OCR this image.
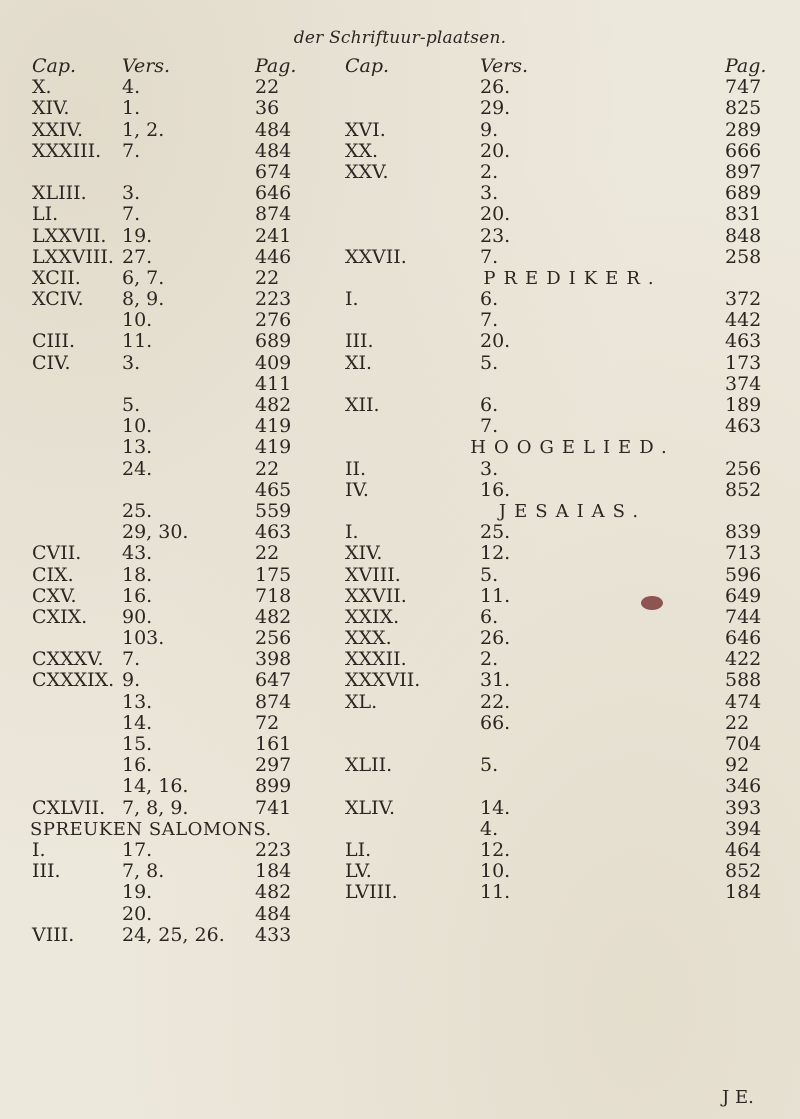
der Schriftuur-plaatsen.
Cap. Vers.	Pag.
X.	4.	22
XIV.	1.	36
XXIV. 1, 2.	484
XXXIII. 7.	484
674
XLIII. 3.	646
LI.	7.	874
LXXVII. 19.	241
LXXVIII. 27.	446
XCII. 6, 7.	22
XCIV. 8, 9.	223
10.	276
CIII. 11.	689
CIV.	3.	409
411
5.	482
10.	419
13.	419
24.	22
465
25.	559
29, 30.	463
CVII. 43.	22
CIX.	18.	175
CXV. 16.	718
CXIX. 90.	482
103.	256
CXXXV. 7.	398
CXXXIX. 9.	647
13.	874
14.	72
15.	161
16.	297
14, 16.	899
CXLVII. 7, 8, 9.	741
SPREUKEN SALOMONS.
I.	17.	223
III.	7, 8.	184
19.	482
20.	484
VIII.	24, 25, 26. 433
Cap.	Vers.	Pag.
26.	747
29.	825
XVI.	9.	289
XX.	20.	666
XXV.	2.	897
3.	689
20.	831
23.	848
XXVII.	7.	258
PREDIKER.
I.	6.	372
7.	442
III.	20.	463
XI.	5.	173
374
XII.	6.	189
7.	463
HOOGELIED.
II.	3.	256
IV.	16.	852
JESAIAS.
I.	25.	839
XIV.	12.	713
XVIII.	5.	596
XXVII.	11.	649
XXIX.	6.	744
XXX.	26.	646
XXXII.	2.	422
XXXVII.	31.	588
XL.	22.	474
66.	22
704
XLII.	5.	92
346
XLIV.	14.	393
4.	394
LI.	12.	464
LV.	10.	852
LVIII.	11.	184
J E.
